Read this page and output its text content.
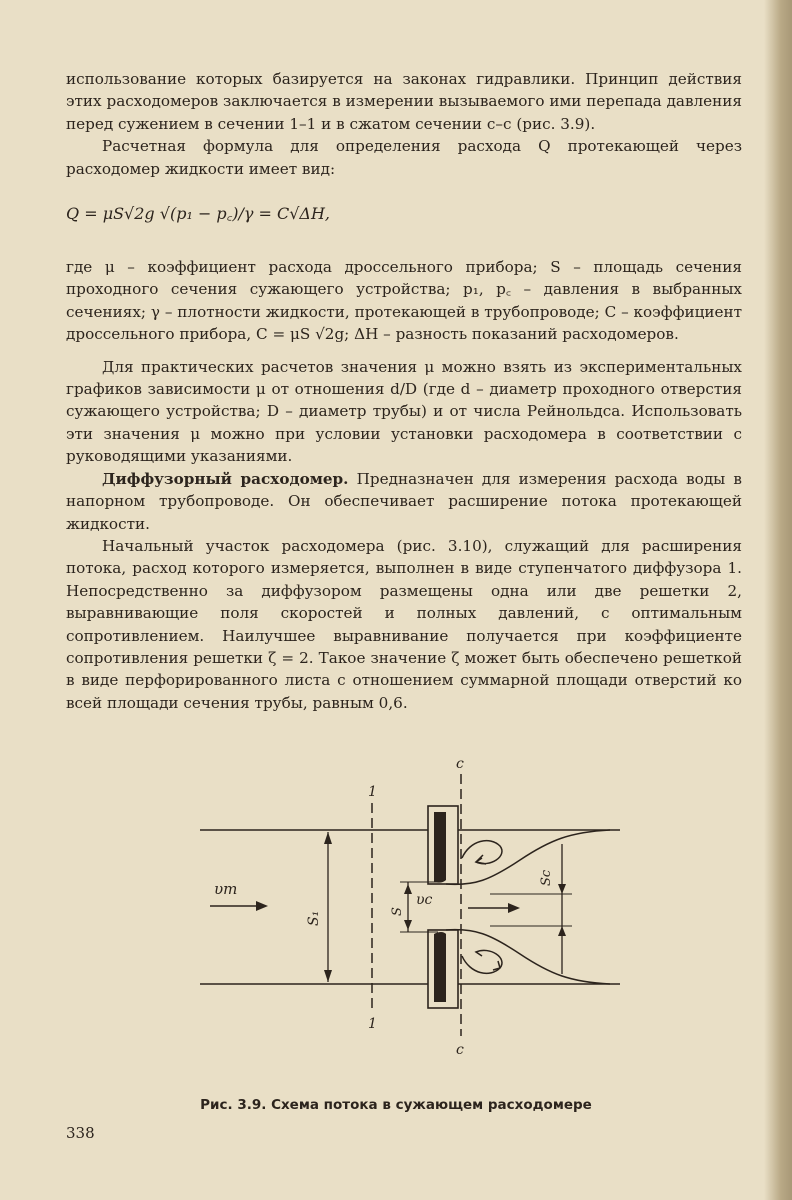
использование которых базируется на законах гидравлики. Принцип действия этих расходомеров заключается в измерении вызываемого ими перепада давления перед сужением в сечении 1–1 и в сжатом сечении с–с (рис. 3.9).

Расчетная формула для определения расхода Q протекающей через расходомер жидкости имеет вид:

Q = μS√2g √(p₁ − p꜀)/γ = C√ΔH,

где μ – коэффициент расхода дроссельного прибора; S – площадь сечения проходного сечения сужающего устройства; p₁, p꜀ – давления в выбранных сечениях; γ – плотности жидкости, протекающей в трубопроводе; C – коэффициент дроссельного прибора, C = μS √2g; ΔH – разность показаний расходомеров.

Для практических расчетов значения μ можно взять из экспериментальных графиков зависимости μ от отношения d/D (где d – диаметр проходного отверстия сужающего устройства; D – диаметр трубы) и от числа Рейнольдса. Использовать эти значения μ можно при условии установки расходомера в соответствии с руководящими указаниями.

Диффузорный расходомер. Предназначен для измерения расхода воды в напорном трубопроводе. Он обеспечивает расширение потока протекающей жидкости.

Начальный участок расходомера (рис. 3.10), служащий для расширения потока, расход которого измеряется, выполнен в виде ступенчатого диффузора 1. Непосредственно за диффузором размещены одна или две решетки 2, выравнивающие поля скоростей и полных давлений, с оптимальным сопротивлением. Наилучшее выравнивание получается при коэффициенте сопротивления решетки ζ = 2. Такое значение ζ может быть обеспечено решеткой в виде перфорированного листа с отношением суммарной площади отверстий ко всей площади сечения трубы, равным 0,6.

1
1
c
c
S₁	S
Sc
υт
υc
Рис. 3.9. Схема потока в сужающем расходомере
338
